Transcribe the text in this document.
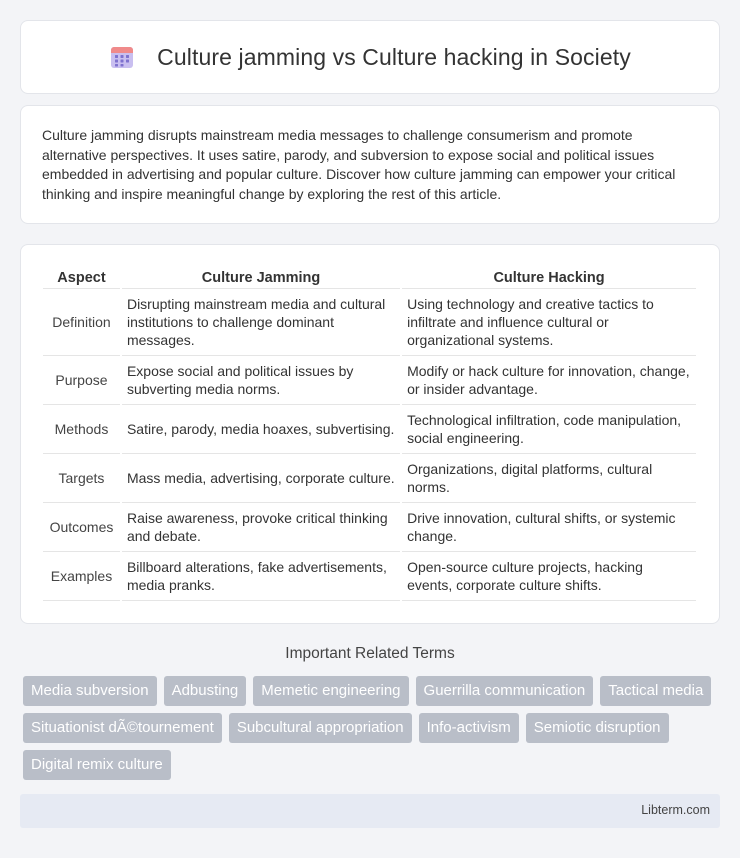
Culture jamming vs Culture hacking in Society

Culture jamming disrupts mainstream media messages to challenge consumerism and promote alternative perspectives. It uses satire, parody, and subversion to expose social and political issues embedded in advertising and popular culture. Discover how culture jamming can empower your critical thinking and inspire meaningful change by exploring the rest of this article.

Aspect	Culture Jamming	Culture Hacking
Definition	Disrupting mainstream media and cultural institutions to challenge dominant messages.	Using technology and creative tactics to infiltrate and influence cultural or organizational systems.
Purpose	Expose social and political issues by subverting media norms.	Modify or hack culture for innovation, change, or insider advantage.
Methods	Satire, parody, media hoaxes, subvertising.	Technological infiltration, code manipulation, social engineering.
Targets	Mass media, advertising, corporate culture.	Organizations, digital platforms, cultural norms.
Outcomes	Raise awareness, provoke critical thinking and debate.	Drive innovation, cultural shifts, or systemic change.
Examples	Billboard alterations, fake advertisements, media pranks.	Open-source culture projects, hacking events, corporate culture shifts.
Important Related Terms
Media subversion	Adbusting	Memetic engineering	Guerrilla communication	Tactical media
Situationist dÃ©tournement	Subcultural appropriation	Info-activism	Semiotic disruption
Digital remix culture
Libterm.com
